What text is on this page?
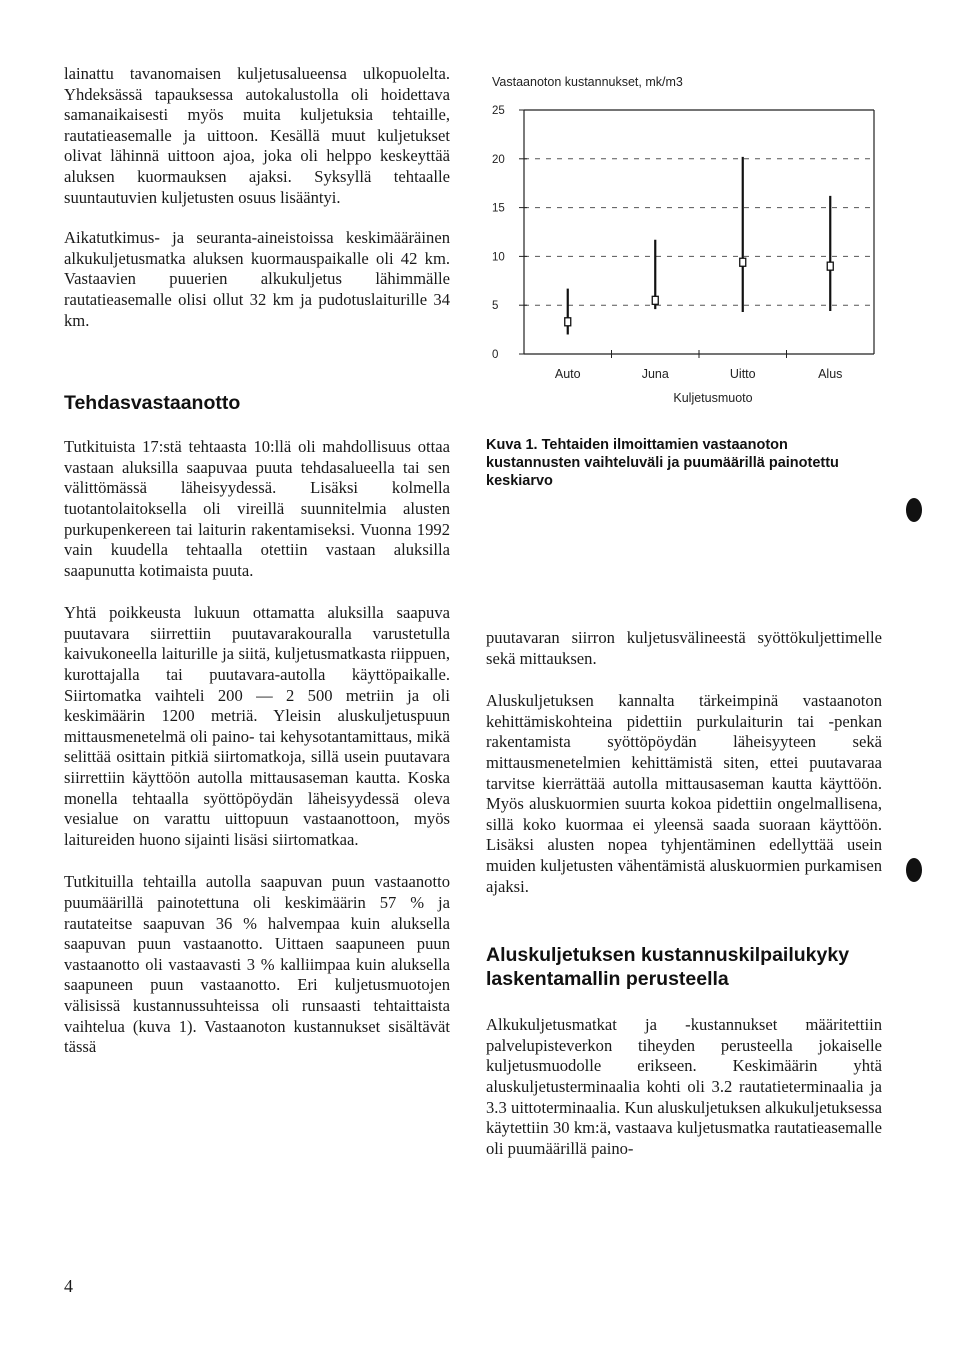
lainattu tavanomaisen kuljetusalueensa ulkopuolelta. Yhdeksässä tapauksessa autokalustolla oli hoidettava samanaikaisesti myös muita kuljetuksia tehtaille, rautatieasemalle ja uittoon. Kesällä muut kuljetukset olivat lähinnä uittoon ajoa, joka oli helppo keskeyttää aluksen kuormauksen ajaksi. Syksyllä tehtaalle suuntautuvien kuljetusten osuus lisääntyi.

Aikatutkimus- ja seuranta-aineistoissa keskimääräinen alkukuljetusmatka aluksen kuormauspaikalle oli 42 km. Vastaavien puuerien alkukuljetus lähimmälle rautatieasemalle olisi ollut 32 km ja pudotuslaiturille 34 km.

Tehdasvastaanotto

Tutkituista 17:stä tehtaasta 10:llä oli mahdollisuus ottaa vastaan aluksilla saapuvaa puuta tehdasalueella tai sen välittömässä läheisyydessä. Lisäksi kolmella tuotantolaitoksella oli vireillä suunnitelmia alusten purkupenkereen tai laiturin rakentamiseksi. Vuonna 1992 vain kuudella tehtaalla otettiin vastaan aluksilla saapunutta kotimaista puuta.

Yhtä poikkeusta lukuun ottamatta aluksilla saapuva puutavara siirrettiin puutavarakouralla varustetulla kaivukoneella laiturille ja siitä, kuljetusmatkasta riippuen, kurottajalla tai puutavara-autolla käyttöpaikalle. Siirtomatka vaihteli 200 — 2 500 metriin ja oli keskimäärin 1200 metriä. Yleisin aluskuljetuspuun mittausmenetelmä oli paino- tai kehysotantamittaus, mikä selittää osittain pitkiä siirtomatkoja, sillä usein puutavara siirrettiin käyttöön autolla mittausaseman kautta. Koska monella tehtaalla syöttöpöydän läheisyydessä oleva vesialue on varattu uittopuun vastaanottoon, myös laitureiden huono sijainti lisäsi siirtomatkaa.

Tutkituilla tehtailla autolla saapuvan puun vastaanotto puumäärillä painotettuna oli keskimäärin 57 % ja rautateitse saapuvan 36 % halvempaa kuin aluksella saapuvan puun vastaanotto. Uittaen saapuneen puun vastaanotto oli vastaavasti 3 % kalliimpaa kuin aluksella saapuneen puun vastaanotto. Eri kuljetusmuotojen välisissä kustannussuhteissa oli runsaasti tehtaittaista vaihtelua (kuva 1). Vastaanoton kustannukset sisältävät tässä

Vastaanoton kustannukset, mk/m3
0
5
10
15
20
25
Auto	Juna	Uitto	Alus
Kuljetusmuoto
Kuva 1. Tehtaiden ilmoittamien vastaanoton kustannusten vaihteluväli ja puumäärillä painotettu keskiarvo

puutavaran siirron kuljetusvälineestä syöttökuljettimelle sekä mittauksen.

Aluskuljetuksen kannalta tärkeimpinä vastaanoton kehittämiskohteina pidettiin purkulaiturin tai -penkan rakentamista syöttöpöydän läheisyyteen sekä mittausmenetelmien kehittämistä siten, ettei puutavaraa tarvitse kierrättää autolla mittausaseman kautta käyttöön. Myös aluskuormien suurta kokoa pidettiin ongelmallisena, sillä koko kuormaa ei yleensä saada suoraan käyttöön. Lisäksi alusten nopea tyhjentäminen edellyttää usein muiden kuljetusten vähentämistä aluskuormien purkamisen ajaksi.

Aluskuljetuksen kustannuskilpailukyky laskentamallin perusteella

Alkukuljetusmatkat ja -kustannukset määritettiin palvelupisteverkon tiheyden perusteella jokaiselle kuljetusmuodolle erikseen. Keskimäärin yhtä aluskuljetusterminaalia kohti oli 3.2 rautatieterminaalia ja 3.3 uittoterminaalia. Kun aluskuljetuksen alkukuljetuksessa käytettiin 30 km:ä, vastaava kuljetusmatka rautatieasemalle oli puumäärillä paino-

4
